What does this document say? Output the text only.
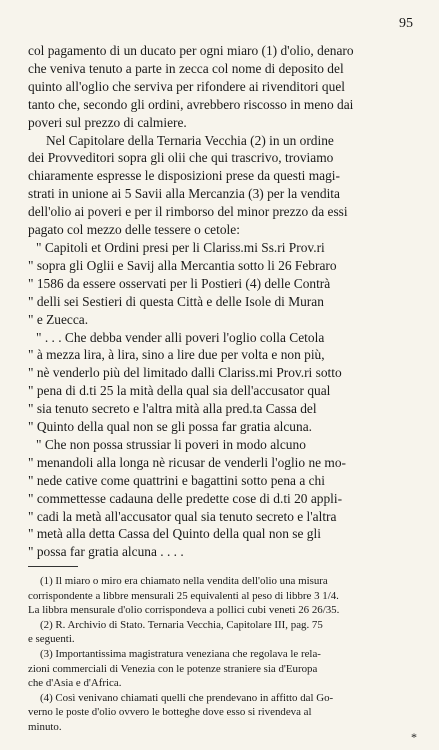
95
col pagamento di un ducato per ogni miaro (1) d'olio, denaro
che veniva tenuto a parte in zecca col nome di deposito del
quinto all'oglio che serviva per rifondere ai rivenditori quel
tanto che, secondo gli ordini, avrebbero riscosso in meno dai
poveri sul prezzo di calmiere.
Nel Capitolare della Ternaria Vecchia (2) in un ordine
dei Provveditori sopra gli olii che qui trascrivo, troviamo
chiaramente espresse le disposizioni prese da questi magi-
strati in unione ai 5 Savii alla Mercanzia (3) per la vendita
dell'olio ai poveri e per il rimborso del minor prezzo da essi
pagato col mezzo delle tessere o cetole:
" Capitoli et Ordini presi per li Clariss.mi Ss.ri Prov.ri
" sopra gli Oglii e Savij alla Mercantia sotto li 26 Febraro
" 1586 da essere osservati per li Postieri (4) delle Contrà
" delli sei Sestieri di questa Città e delle Isole di Muran
" e Zuecca.
" . . . Che debba vender alli poveri l'oglio colla Cetola
" à mezza lira, à lira, sino a lire due per volta e non più,
" nè venderlo più del limitado dalli Clariss.mi Prov.ri sotto
" pena di d.ti 25 la mità della qual sia dell'accusator qual
" sia tenuto secreto e l'altra mità alla pred.ta Cassa del
" Quinto della qual non se gli possa far gratia alcuna.
" Che non possa strussiar li poveri in modo alcuno
" menandoli alla longa nè ricusar de venderli l'oglio ne mo-
" nede cative come quattrini e bagattini sotto pena a chi
" commettesse cadauna delle predette cose di d.ti 20 appli-
" cadi la metà all'accusator qual sia tenuto secreto e l'altra
" metà alla detta Cassa del Quinto della qual non se gli
" possa far gratia alcuna . . . .
(1) Il miaro o miro era chiamato nella vendita dell'olio una misura
corrispondente a libbre mensurali 25 equivalenti al peso di libbre 3 1/4.
La libbra mensurale d'olio corrispondeva a pollici cubi veneti 26 26/35.
(2) R. Archivio di Stato. Ternaria Vecchia, Capitolare III, pag. 75
e seguenti.
(3) Importantissima magistratura veneziana che regolava le rela-
zioni commerciali di Venezia con le potenze straniere sia d'Europa
che d'Asia e d'Africa.
(4) Così venivano chiamati quelli che prendevano in affitto dal Go-
verno le poste d'olio ovvero le botteghe dove esso si rivendeva al
minuto.
*
